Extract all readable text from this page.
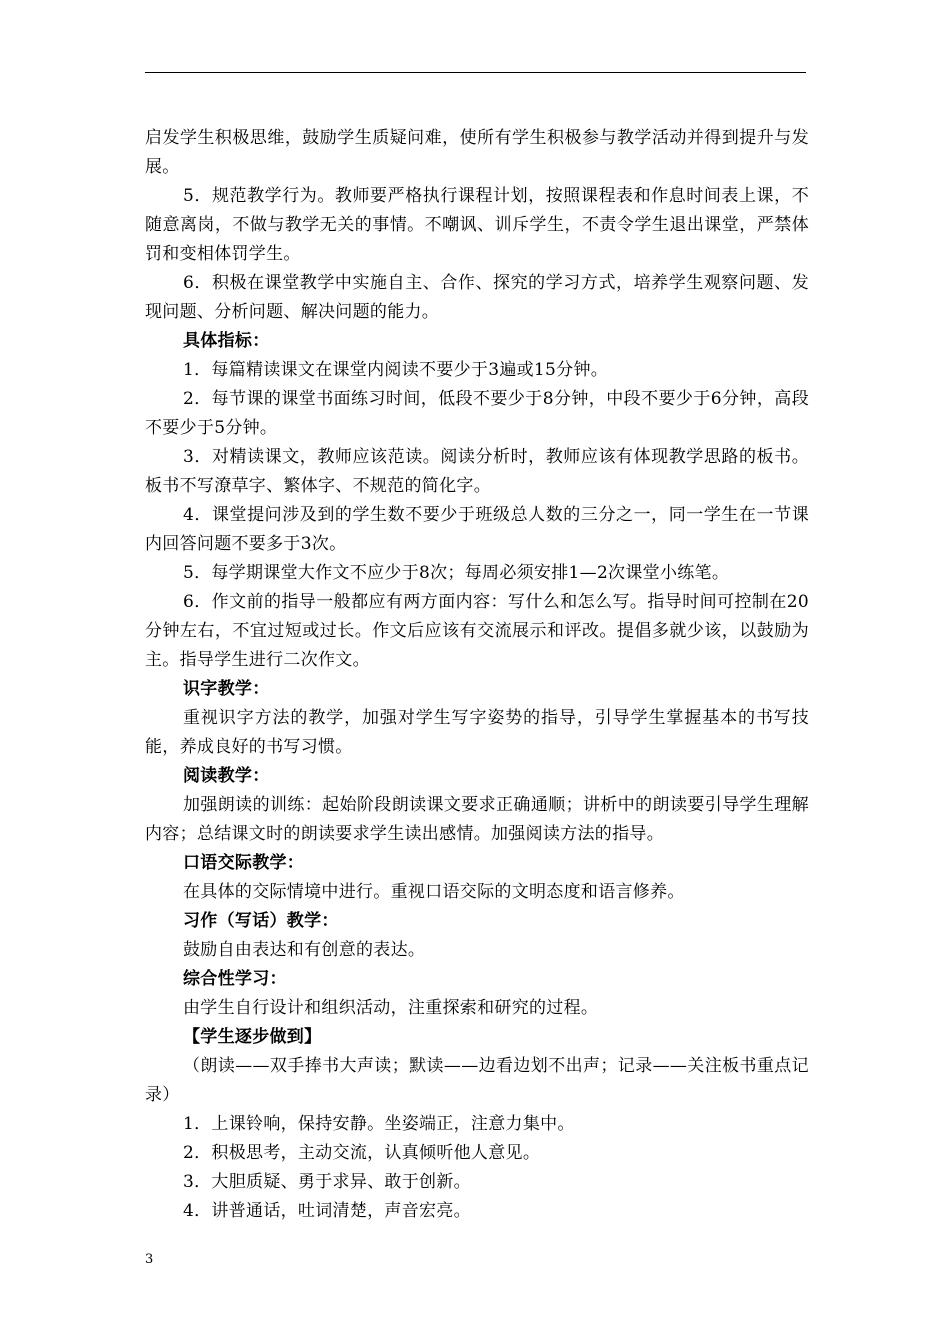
启发学生积极思维，鼓励学生质疑问难，使所有学生积极参与教学活动并得到提升与发展。

5．规范教学行为。教师要严格执行课程计划，按照课程表和作息时间表上课，不随意离岗，不做与教学无关的事情。不嘲讽、训斥学生，不责令学生退出课堂，严禁体罚和变相体罚学生。

6．积极在课堂教学中实施自主、合作、探究的学习方式，培养学生观察问题、发现问题、分析问题、解决问题的能力。

具体指标：

1．每篇精读课文在课堂内阅读不要少于3遍或15分钟。

2．每节课的课堂书面练习时间，低段不要少于8分钟，中段不要少于6分钟，高段不要少于5分钟。

3．对精读课文，教师应该范读。阅读分析时，教师应该有体现教学思路的板书。板书不写潦草字、繁体字、不规范的简化字。

4．课堂提问涉及到的学生数不要少于班级总人数的三分之一，同一学生在一节课内回答问题不要多于3次。

5．每学期课堂大作文不应少于8次；每周必须安排1—2次课堂小练笔。

6．作文前的指导一般都应有两方面内容：写什么和怎么写。指导时间可控制在20分钟左右，不宜过短或过长。作文后应该有交流展示和评改。提倡多就少该，以鼓励为主。指导学生进行二次作文。

识字教学：

重视识字方法的教学，加强对学生写字姿势的指导，引导学生掌握基本的书写技能，养成良好的书写习惯。

阅读教学：

加强朗读的训练：起始阶段朗读课文要求正确通顺；讲析中的朗读要引导学生理解内容；总结课文时的朗读要求学生读出感情。加强阅读方法的指导。

口语交际教学：

在具体的交际情境中进行。重视口语交际的文明态度和语言修养。

习作（写话）教学：

鼓励自由表达和有创意的表达。

综合性学习：

由学生自行设计和组织活动，注重探索和研究的过程。

【学生逐步做到】

（朗读——双手捧书大声读；默读——边看边划不出声；记录——关注板书重点记录）

1．上课铃响，保持安静。坐姿端正，注意力集中。

2．积极思考，主动交流，认真倾听他人意见。

3．大胆质疑、勇于求异、敢于创新。

4．讲普通话，吐词清楚，声音宏亮。

3
